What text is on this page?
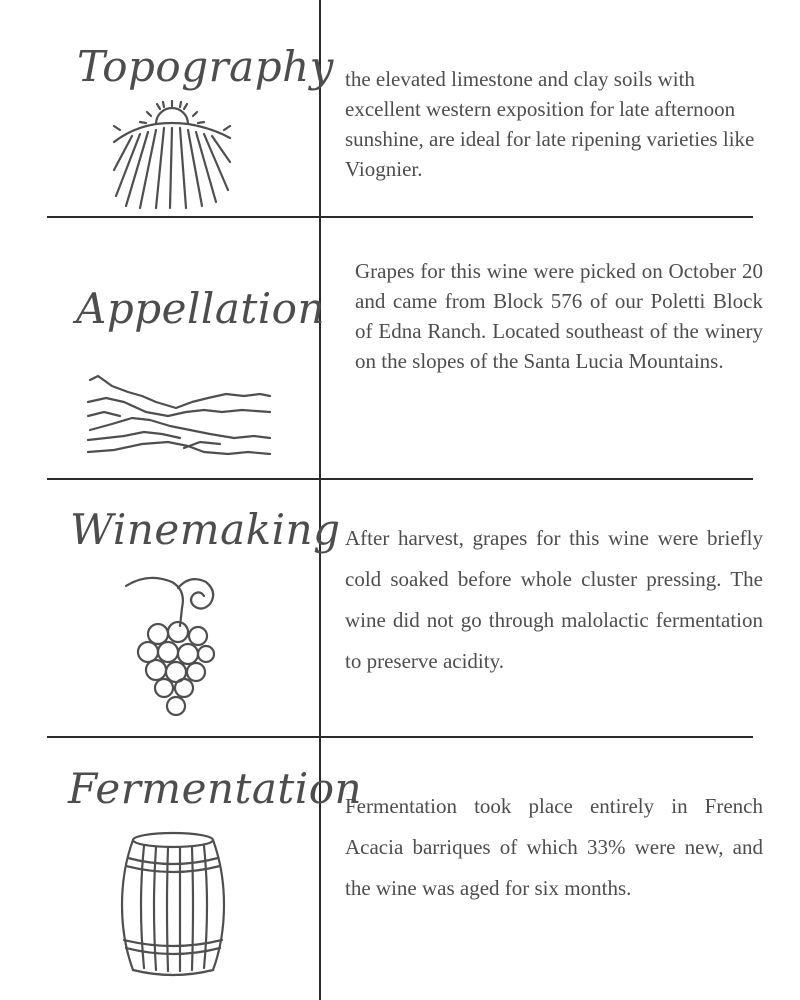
Topography the elevated limestone and clay soils with excellent western exposition for late afternoon sunshine, are ideal for late ripening varieties like Viognier.
Appellation
Grapes for this wine were picked on October 20 and came from Block 576 of our Poletti Block of Edna Ranch. Located southeast of the winery on the slopes of the Santa Lucia Mountains.
Winemaking After harvest, grapes for this wine were briefly cold soaked before whole cluster pressing. The wine did not go through malolactic fermentation to preserve acidity.
Fermentation
Fermentation took place entirely in French Acacia barriques of which 33% were new, and the wine was aged for six months.
